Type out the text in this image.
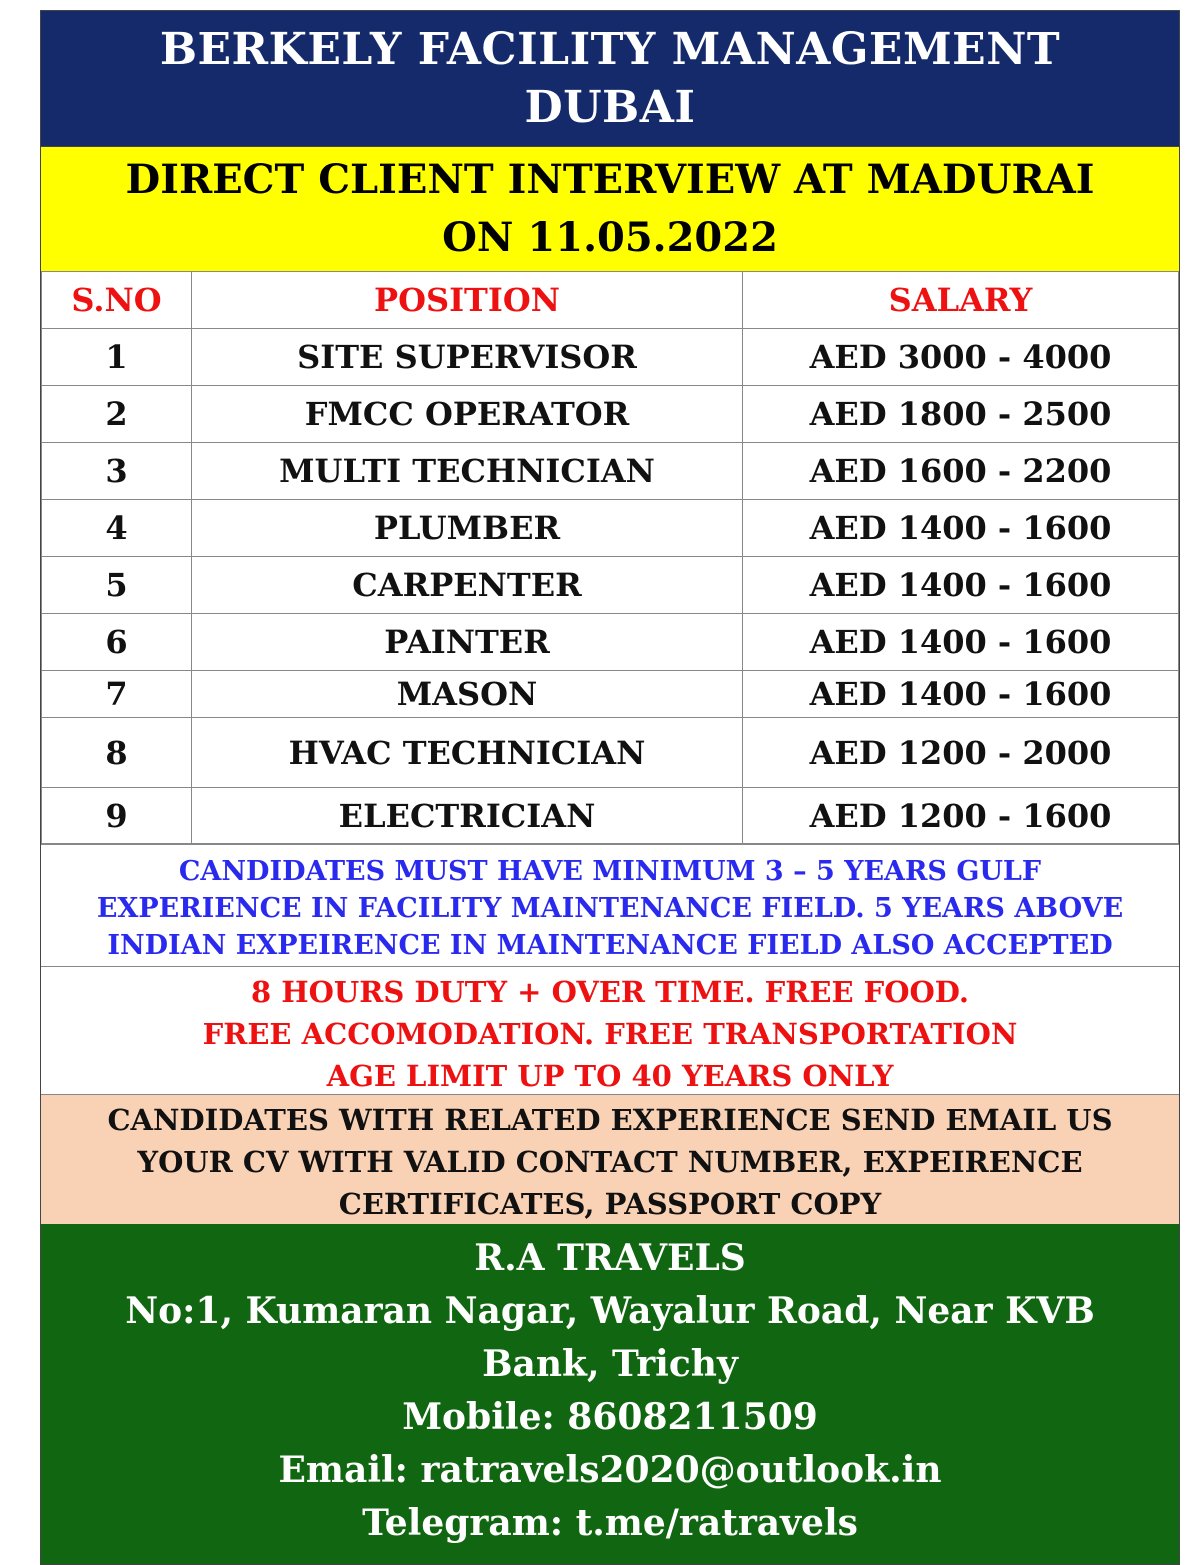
BERKELY FACILITY MANAGEMENT
DUBAI
DIRECT CLIENT INTERVIEW AT MADURAI
ON 11.05.2022
S.NO	POSITION	SALARY
1	SITE SUPERVISOR	AED 3000 - 4000
2	FMCC OPERATOR	AED 1800 - 2500
3	MULTI TECHNICIAN	AED 1600 - 2200
4	PLUMBER	AED 1400 - 1600
5	CARPENTER	AED 1400 - 1600
6	PAINTER	AED 1400 - 1600
7	MASON	AED 1400 - 1600
8	HVAC TECHNICIAN	AED 1200 - 2000
9	ELECTRICIAN	AED 1200 - 1600
CANDIDATES MUST HAVE MINIMUM 3 – 5 YEARS GULF
EXPERIENCE IN FACILITY MAINTENANCE FIELD. 5 YEARS ABOVE
INDIAN EXPEIRENCE IN MAINTENANCE FIELD ALSO ACCEPTED
8 HOURS DUTY + OVER TIME. FREE FOOD.
FREE ACCOMODATION. FREE TRANSPORTATION
AGE LIMIT UP TO 40 YEARS ONLY
CANDIDATES WITH RELATED EXPERIENCE SEND EMAIL US
YOUR CV WITH VALID CONTACT NUMBER, EXPEIRENCE
CERTIFICATES, PASSPORT COPY
R.A TRAVELS
No:1, Kumaran Nagar, Wayalur Road, Near KVB
Bank, Trichy
Mobile: 8608211509
Email: ratravels2020@outlook.in
Telegram: t.me/ratravels
